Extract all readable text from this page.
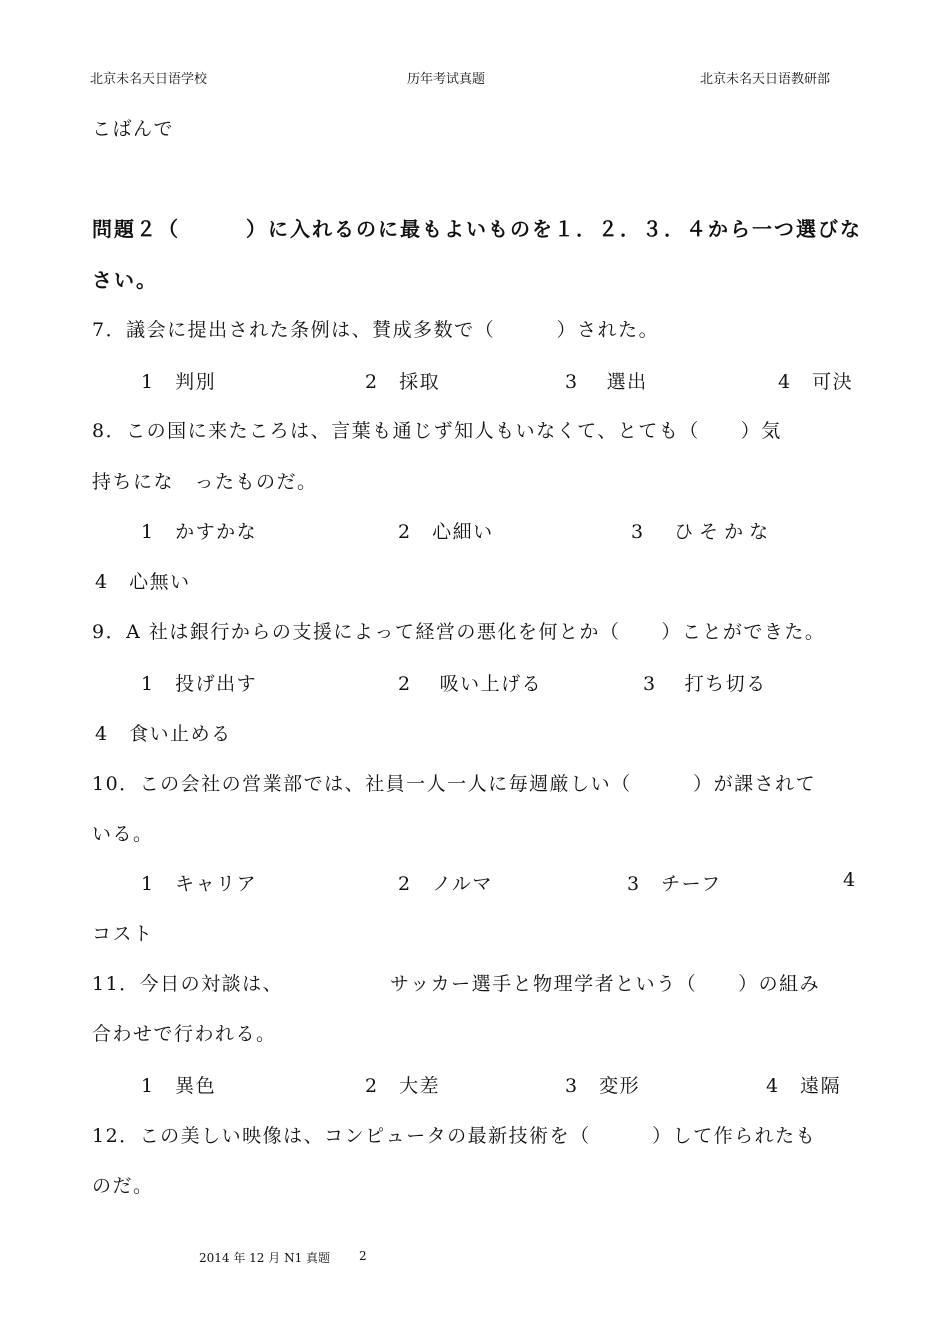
北京未名天日语学校	历年考试真题	北京未名天日语教研部
こばんで
問題２（　　　）に入れるのに最もよいものを１．２．３．４から一つ選びな
さい。
7．議会に提出された条例は、賛成多数で（　　　）された。
1　判別	2　採取	3　 選出	4　可決
8．この国に来たころは、言葉も通じず知人もいなくて、とても（　　）気
持ちにな　ったものだ。
1　かすかな	2　心細い	3　ひそかな
4　心無い
9．A 社は銀行からの支援によって経営の悪化を何とか（　　）ことができた。
1　投げ出す	2　 吸い上げる	3　 打ち切る
4　食い止める
10．この会社の営業部では、社員一人一人に毎週厳しい（　　　）が課されて
いる。
1　キャリア	2　ノルマ	3　チーフ	4
コスト
11．今日の対談は、	サッカー選手と物理学者という（　　）の組み
合わせで行われる。
1　異色	2　大差	3　変形	4　遠隔
12．この美しい映像は、コンピュータの最新技術を（　　　）して作られたも
のだ。
2014 年 12 月 N1 真题 2
